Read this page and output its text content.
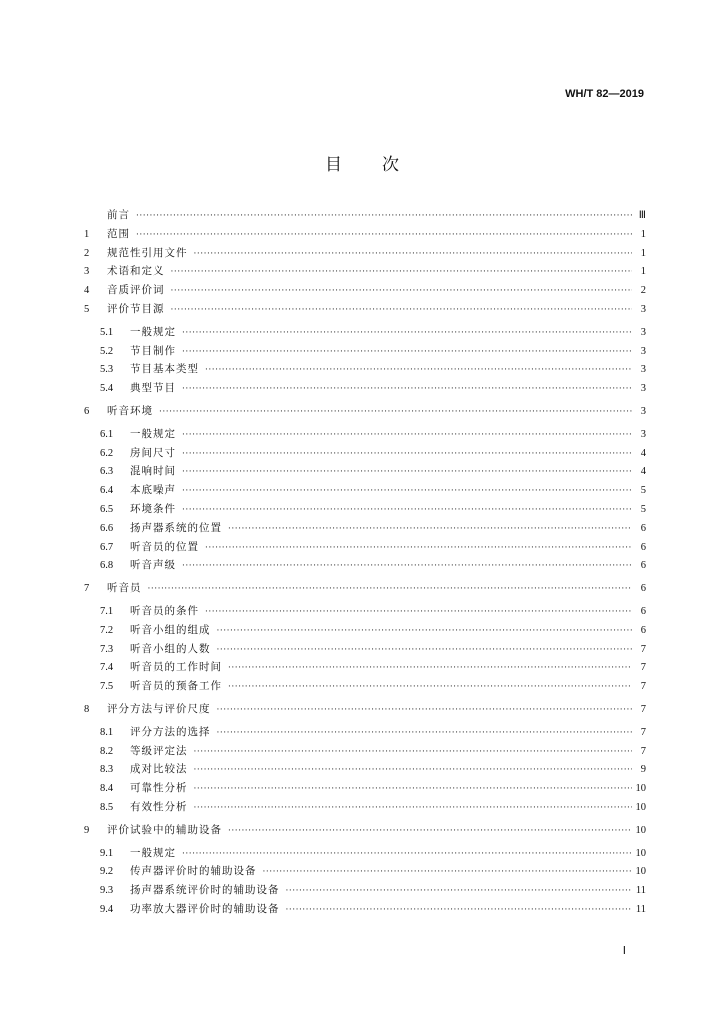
WH/T 82—2019
目次
前言 ·····	Ⅲ
1	范围 ·····	1
2	规范性引用文件 ·····	1
3	术语和定义 ·····	1
4	音质评价词 ·····	2
5	评价节目源 ·····	3
5.1	一般规定 ·····	3
5.2	节目制作 ·····	3
5.3	节目基本类型 ·····	3
5.4	典型节目 ·····	3
6	听音环境 ·····	3
6.1	一般规定 ·····	3
6.2	房间尺寸 ·····	4
6.3	混响时间 ·····	4
6.4	本底噪声 ·····	5
6.5	环境条件 ·····	5
6.6	扬声器系统的位置 ·····	6
6.7	听音员的位置 ·····	6
6.8	听音声级 ·····	6
7	听音员 ·····	6
7.1	听音员的条件 ·····	6
7.2	听音小组的组成 ·····	6
7.3	听音小组的人数 ·····	7
7.4	听音员的工作时间 ·····	7
7.5	听音员的预备工作 ·····	7
8	评分方法与评价尺度 ·····	7
8.1	评分方法的选择 ·····	7
8.2	等级评定法 ·····	7
8.3	成对比较法 ·····	9
8.4	可靠性分析 ·····	10
8.5	有效性分析 ·····	10
9	评价试验中的辅助设备 ·····	10
9.1	一般规定 ·····	10
9.2	传声器评价时的辅助设备 ·····	10
9.3	扬声器系统评价时的辅助设备 ·····	11
9.4	功率放大器评价时的辅助设备 ·····	11
Ⅰ
